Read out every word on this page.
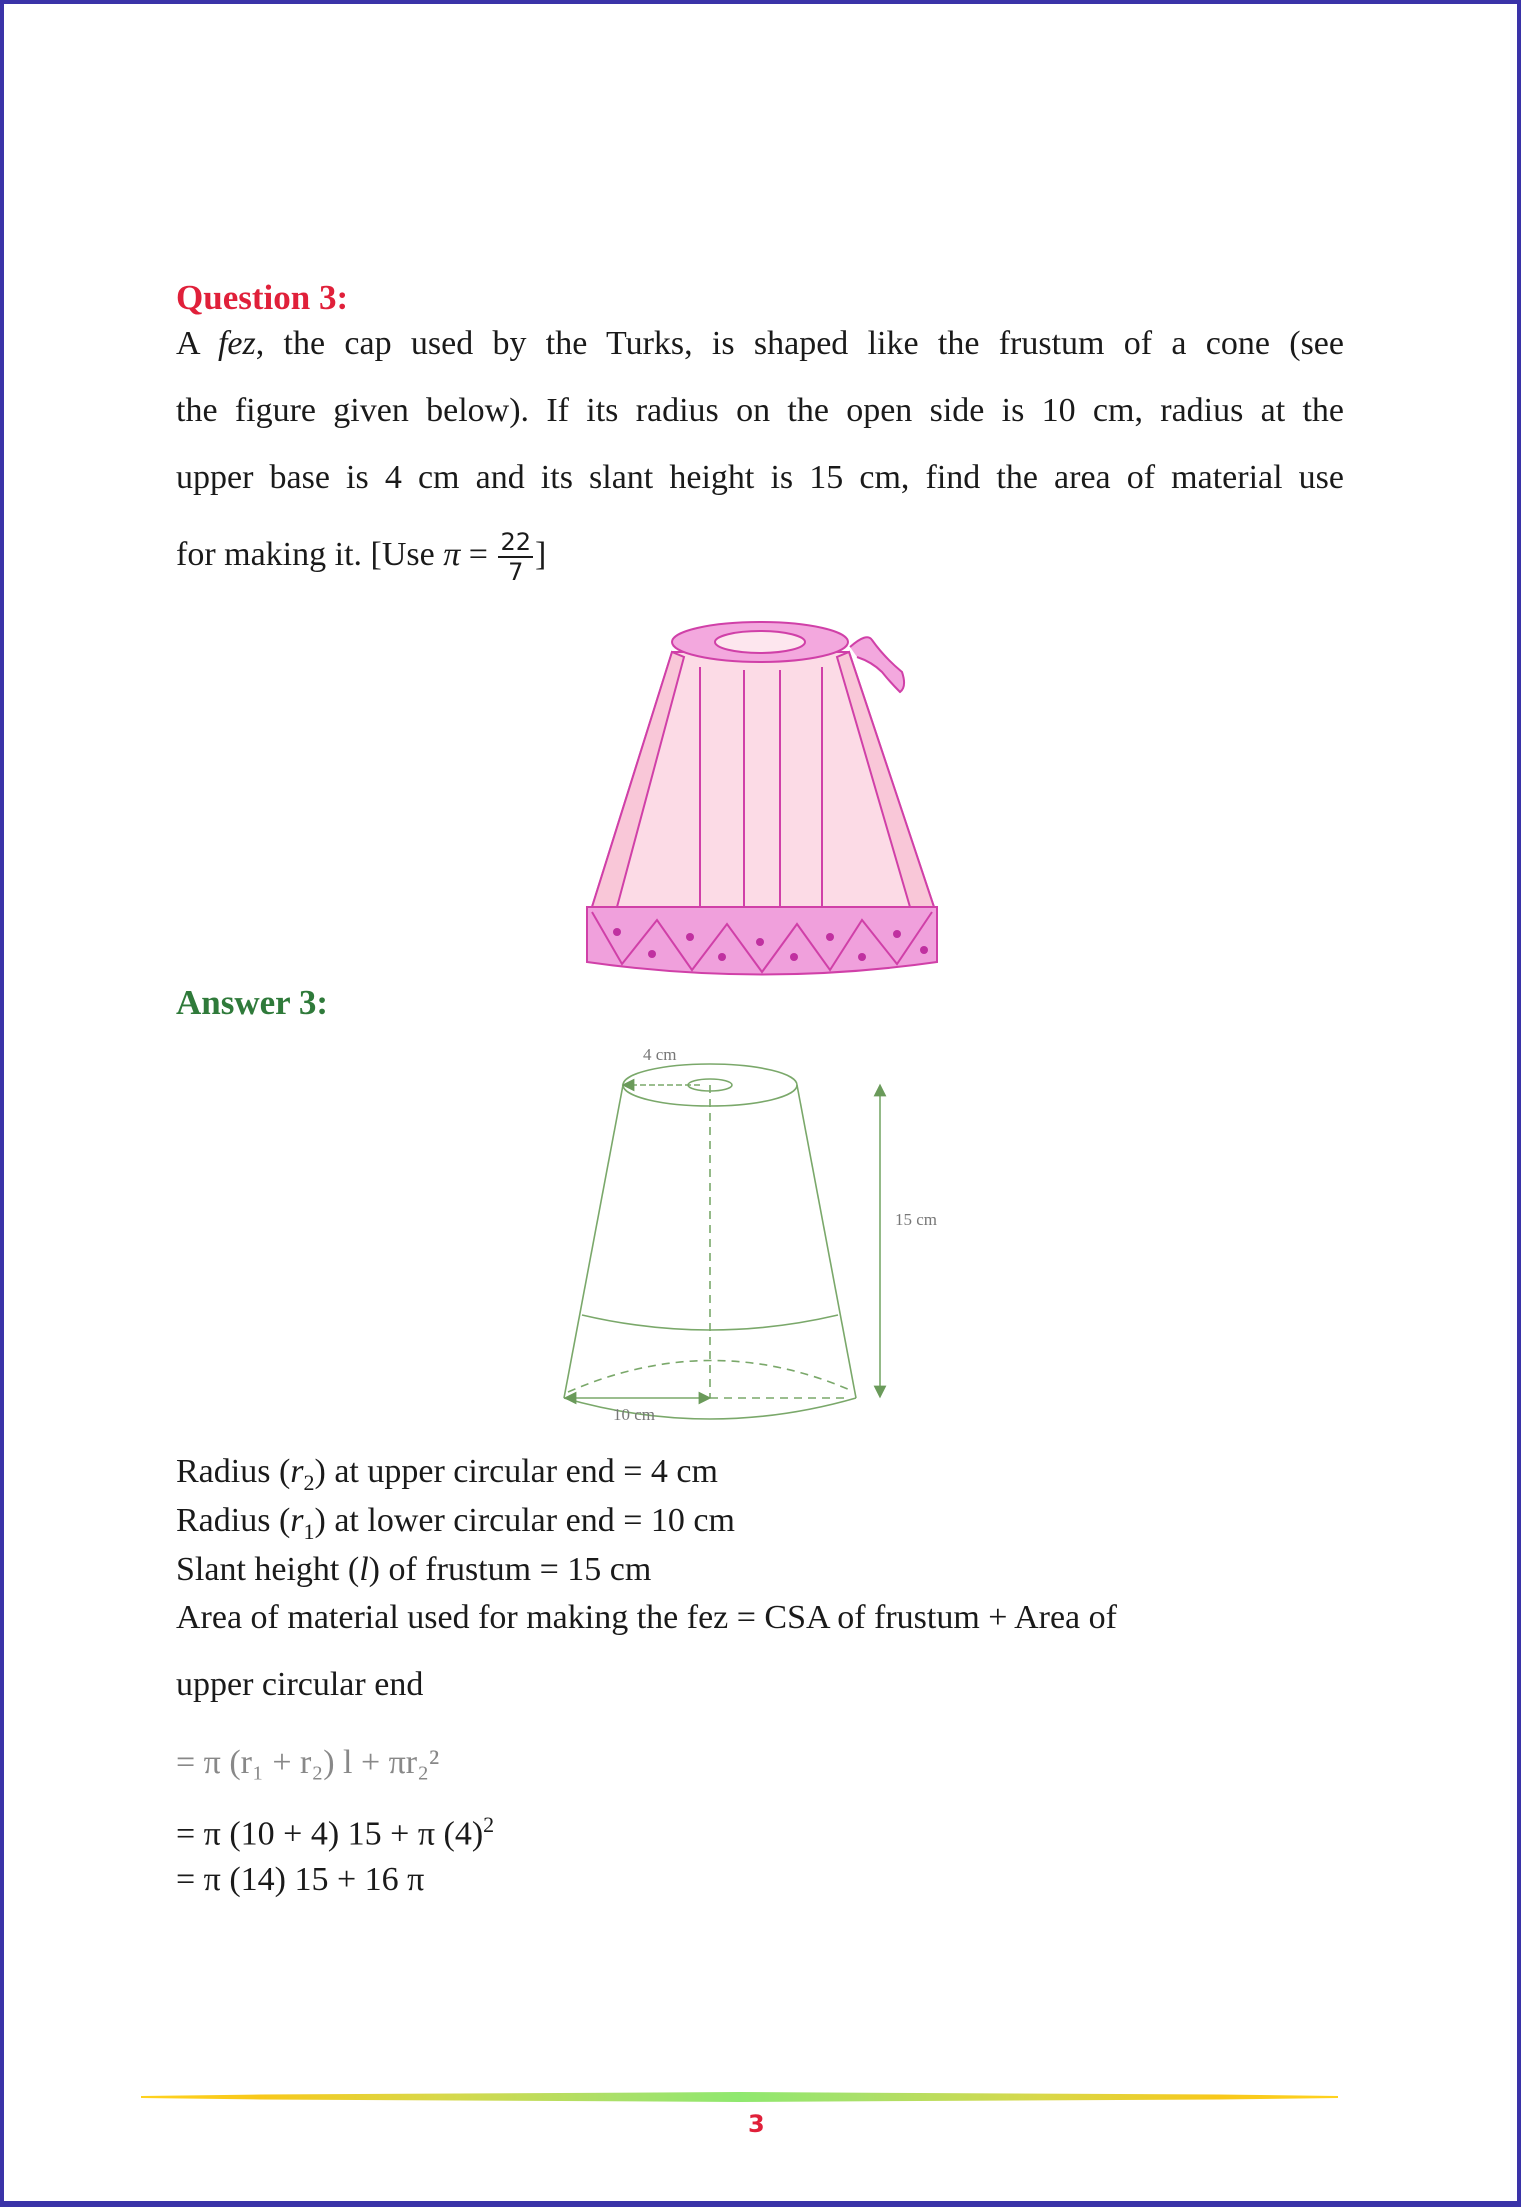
Question 3:
A fez, the cap used by the Turks, is shaped like the frustum of a cone (see
the figure given below). If its radius on the open side is 10 cm, radius at the
upper base is 4 cm and its slant height is 15 cm, find the area of material use
for making it. [Use $\pi = \frac{22}{7}$ ]
Answer 3:
4 cm
15 cm
10 cm
Radius $(r_2)$ at upper circular end = 4 cm
Radius $(r_1)$ at lower circular end = 10 cm
Slant height (l) of frustum = 15 cm
Area of material used for making the fez = CSA of frustum + Area of
upper circular end
= π (r₁ + r₂) l + πr₂²
= π (10 + 4) 15 + π $(4)^2$
= π (14) 15 + 16 π
3
